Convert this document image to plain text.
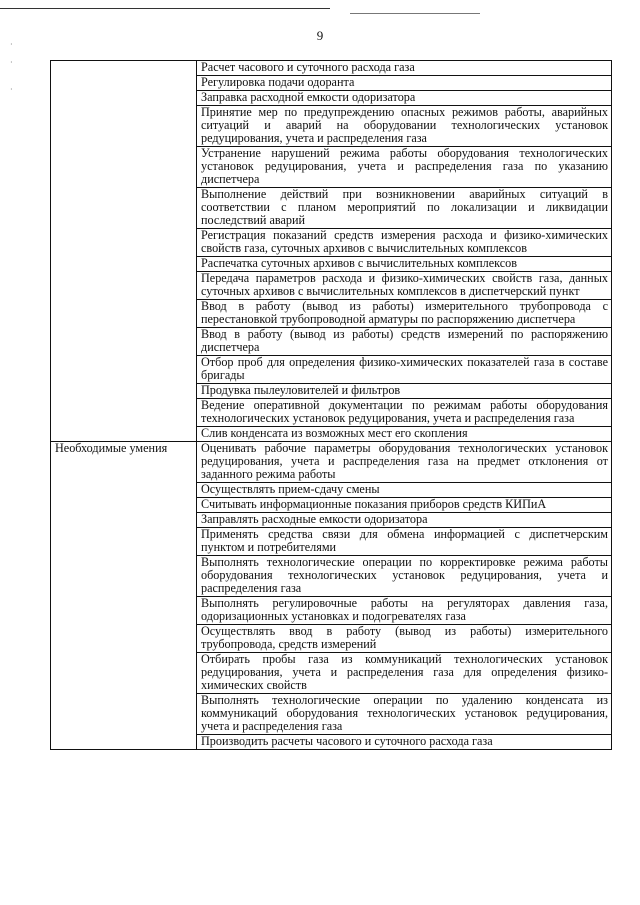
·

·

·
9
	Расчет часового и суточного расхода газа
	Регулировка подачи одоранта
	Заправка расходной емкости одоризатора
	Принятие мер по предупреждению опасных режимов работы, аварийных ситуаций и аварий на оборудовании технологических установок редуцирования, учета и распределения газа
	Устранение нарушений режима работы оборудования технологических установок редуцирования, учета и распределения газа по указанию диспетчера
	Выполнение действий при возникновении аварийных ситуаций в соответствии с планом мероприятий по локализации и ликвидации последствий аварий
	Регистрация показаний средств измерения расхода и физико-химических свойств газа, суточных архивов с вычислительных комплексов
	Распечатка суточных архивов с вычислительных комплексов
	Передача параметров расхода и физико-химических свойств газа, данных суточных архивов с вычислительных комплексов в диспетчерский пункт
	Ввод в работу (вывод из работы) измерительного трубопровода с перестановкой трубопроводной арматуры по распоряжению диспетчера
	Ввод в работу (вывод из работы) средств измерений по распоряжению диспетчера
	Отбор проб для определения физико-химических показателей газа в составе бригады
	Продувка пылеуловителей и фильтров
	Ведение оперативной документации по режимам работы оборудования технологических установок редуцирования, учета и распределения газа
	Слив конденсата из возможных мест его скопления
Необходимые умения	Оценивать рабочие параметры оборудования технологических установок редуцирования, учета и распределения газа на предмет отклонения от заданного режима работы
	Осуществлять прием-сдачу смены
	Считывать информационные показания приборов средств КИПиА
	Заправлять расходные емкости одоризатора
	Применять средства связи для обмена информацией с диспетчерским пунктом и потребителями
	Выполнять технологические операции по корректировке режима работы оборудования технологических установок редуцирования, учета и распределения газа
	Выполнять регулировочные работы на регуляторах давления газа, одоризационных установках и подогревателях газа
	Осуществлять ввод в работу (вывод из работы) измерительного трубопровода, средств измерений
	Отбирать пробы газа из коммуникаций технологических установок редуцирования, учета и распределения газа для определения физико-химических свойств
	Выполнять технологические операции по удалению конденсата из коммуникаций оборудования технологических установок редуцирования, учета и распределения газа
	Производить расчеты часового и суточного расхода газа
